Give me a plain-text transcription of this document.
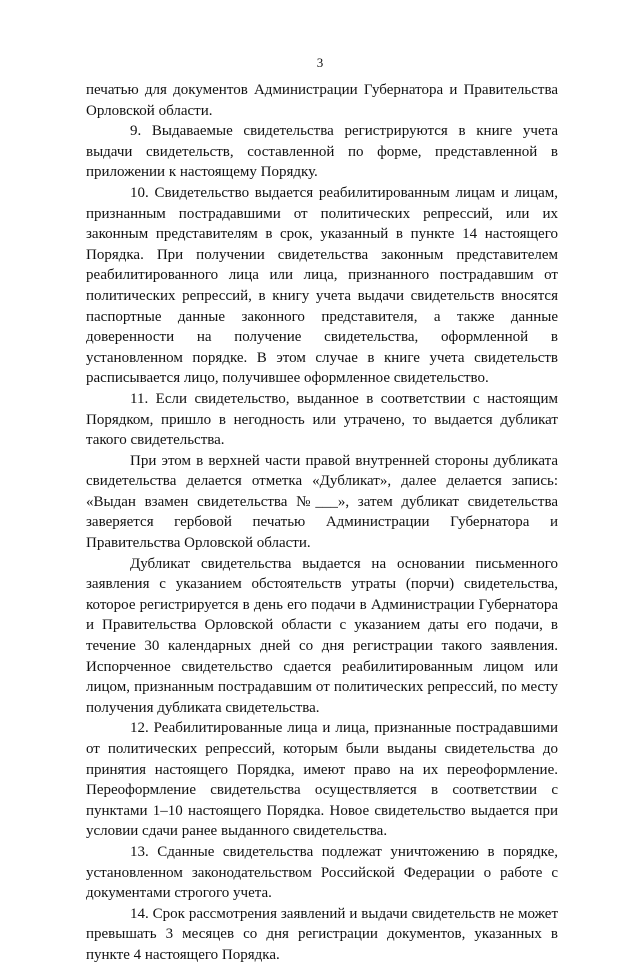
3

печатью для документов Администрации Губернатора и Правительства Орловской области.

9. Выдаваемые свидетельства регистрируются в книге учета выдачи свидетельств, составленной по форме, представленной в приложении к настоящему Порядку.

10. Свидетельство выдается реабилитированным лицам и лицам, признанным пострадавшими от политических репрессий, или их законным представителям в срок, указанный в пункте 14 настоящего Порядка. При получении свидетельства законным представителем реабилитированного лица или лица, признанного пострадавшим от политических репрессий, в книгу учета выдачи свидетельств вносятся паспортные данные законного представителя, а также данные доверенности на получение свидетельства, оформленной в установленном порядке. В этом случае в книге учета свидетельств расписывается лицо, получившее оформленное свидетельство.

11. Если свидетельство, выданное в соответствии с настоящим Порядком, пришло в негодность или утрачено, то выдается дубликат такого свидетельства.

При этом в верхней части правой внутренней стороны дубликата свидетельства делается отметка «Дубликат», далее делается запись: «Выдан взамен свидетельства №___», затем дубликат свидетельства заверяется гербовой печатью Администрации Губернатора и Правительства Орловской области.

Дубликат свидетельства выдается на основании письменного заявления с указанием обстоятельств утраты (порчи) свидетельства, которое регистрируется в день его подачи в Администрации Губернатора и Правительства Орловской области с указанием даты его подачи, в течение 30 календарных дней со дня регистрации такого заявления. Испорченное свидетельство сдается реабилитированным лицом или лицом, признанным пострадавшим от политических репрессий, по месту получения дубликата свидетельства.

12. Реабилитированные лица и лица, признанные пострадавшими от политических репрессий, которым были выданы свидетельства до принятия настоящего Порядка, имеют право на их переоформление. Переоформление свидетельства осуществляется в соответствии с пунктами 1–10 настоящего Порядка. Новое свидетельство выдается при условии сдачи ранее выданного свидетельства.

13. Сданные свидетельства подлежат уничтожению в порядке, установленном законодательством Российской Федерации о работе с документами строгого учета.

14. Срок рассмотрения заявлений и выдачи свидетельств не может превышать 3 месяцев со дня регистрации документов, указанных в пункте 4 настоящего Порядка.
